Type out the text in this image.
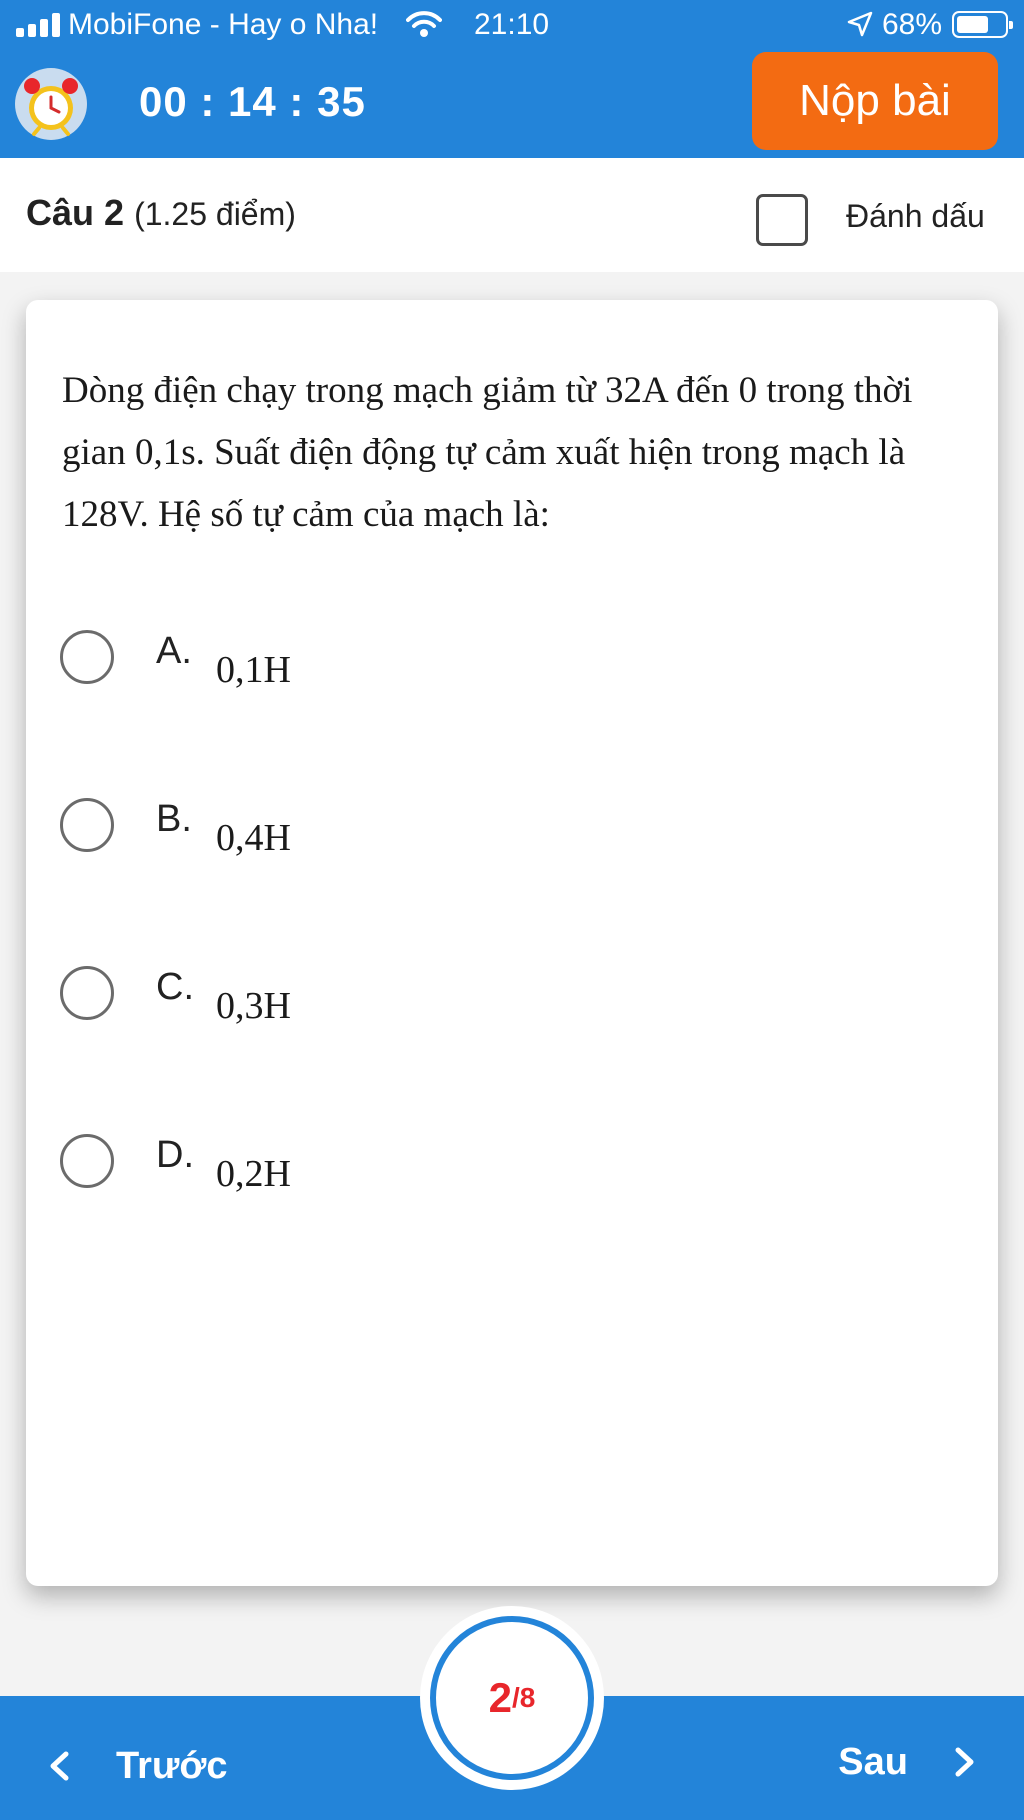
MobiFone - Hay o Nha!	21:10	68%
00 : 14 : 35	Nộp bài
Câu 2 (1.25 điểm)	Đánh dấu

Dòng điện chạy trong mạch giảm từ 32A đến 0 trong thời gian 0,1s. Suất điện động tự cảm xuất hiện trong mạch là 128V. Hệ số tự cảm của mạch là:

A. 0,1H
B. 0,4H
C. 0,3H
D. 0,2H
Trước	Sau
2 /8
